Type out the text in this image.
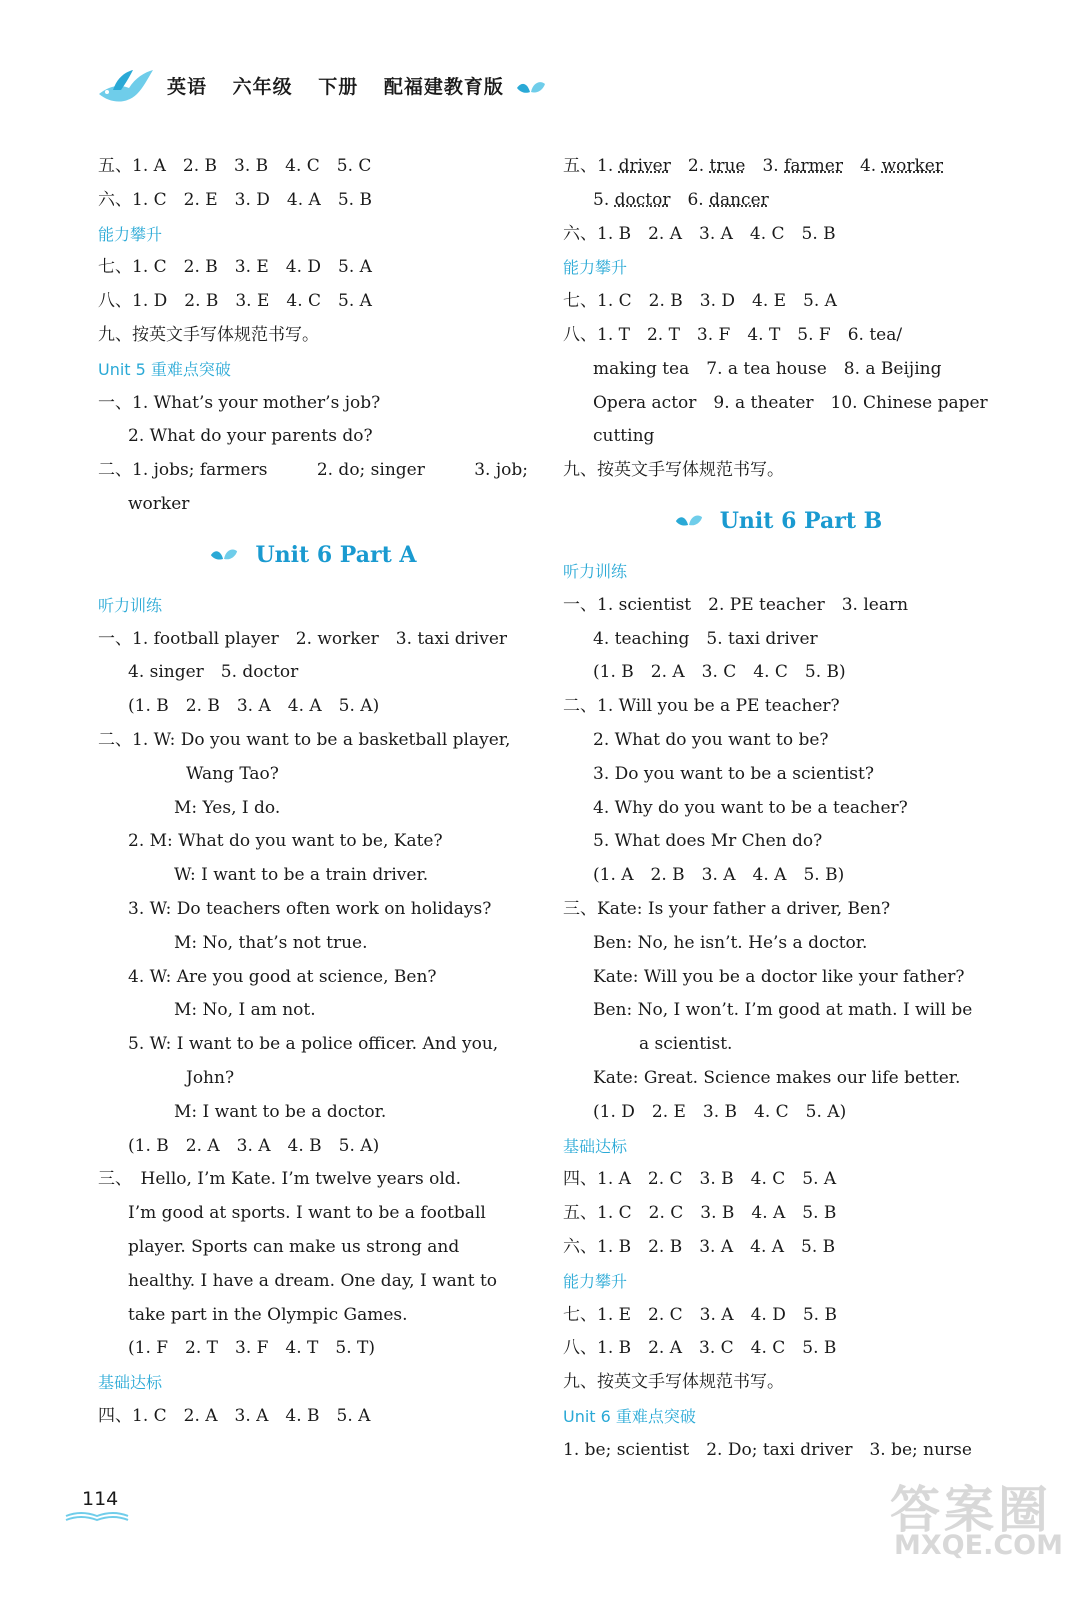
英语 六年级 下册 配福建教育版
五、1. A　2. B　3. B　4. C　5. C
六、1. C　2. E　3. D　4. A　5. B
能力攀升
七、1. C　2. B　3. E　4. D　5. A
八、1. D　2. B　3. E　4. C　5. A
九、按英文手写体规范书写。
Unit 5 重难点突破
一、1. What’s your mother’s job?
2. What do your parents do?
二、1. jobs; farmers	2. do; singer	3. job;
worker
Unit 6 Part A
听力训练
一、1. football player　2. worker　3. taxi driver
4. singer　5. doctor
(1. B　2. B　3. A　4. A　5. A)
二、1. W: Do you want to be a basketball player,
Wang Tao?
M: Yes, I do.
2. M: What do you want to be, Kate?
W: I want to be a train driver.
3. W: Do teachers often work on holidays?
M: No, that’s not true.
4. W: Are you good at science, Ben?
M: No, I am not.
5. W: I want to be a police officer. And you,
John?
M: I want to be a doctor.
(1. B　2. A　3. A　4. B　5. A)
三、　Hello, I’m Kate. I’m twelve years old.
I’m good at sports. I want to be a football
player. Sports can make us strong and
healthy. I have a dream. One day, I want to
take part in the Olympic Games.
(1. F　2. T　3. F　4. T　5. T)
基础达标
四、1. C　2. A　3. A　4. B　5. A
五、1. driver　2. true　3. farmer　4. worker
5. doctor　6. dancer
六、1. B　2. A　3. A　4. C　5. B
能力攀升
七、1. C　2. B　3. D　4. E　5. A
八、1. T　2. T　3. F　4. T　5. F　6. tea/
making tea　7. a tea house　8. a Beijing
Opera actor　9. a theater　10. Chinese paper
cutting
九、按英文手写体规范书写。
Unit 6 Part B
听力训练
一、1. scientist　2. PE teacher　3. learn
4. teaching　5. taxi driver
(1. B　2. A　3. C　4. C　5. B)
二、1. Will you be a PE teacher?
2. What do you want to be?
3. Do you want to be a scientist?
4. Why do you want to be a teacher?
5. What does Mr Chen do?
(1. A　2. B　3. A　4. A　5. B)
三、Kate: Is your father a driver, Ben?
Ben: No, he isn’t. He’s a doctor.
Kate: Will you be a doctor like your father?
Ben: No, I won’t. I’m good at math. I will be
a scientist.
Kate: Great. Science makes our life better.
(1. D　2. E　3. B　4. C　5. A)
基础达标
四、1. A　2. C　3. B　4. C　5. A
五、1. C　2. C　3. B　4. A　5. B
六、1. B　2. B　3. A　4. A　5. B
能力攀升
七、1. E　2. C　3. A　4. D　5. B
八、1. B　2. A　3. C　4. C　5. B
九、按英文手写体规范书写。
Unit 6 重难点突破
1. be; scientist　2. Do; taxi driver　3. be; nurse
114	答案圈
MXQE.COM
